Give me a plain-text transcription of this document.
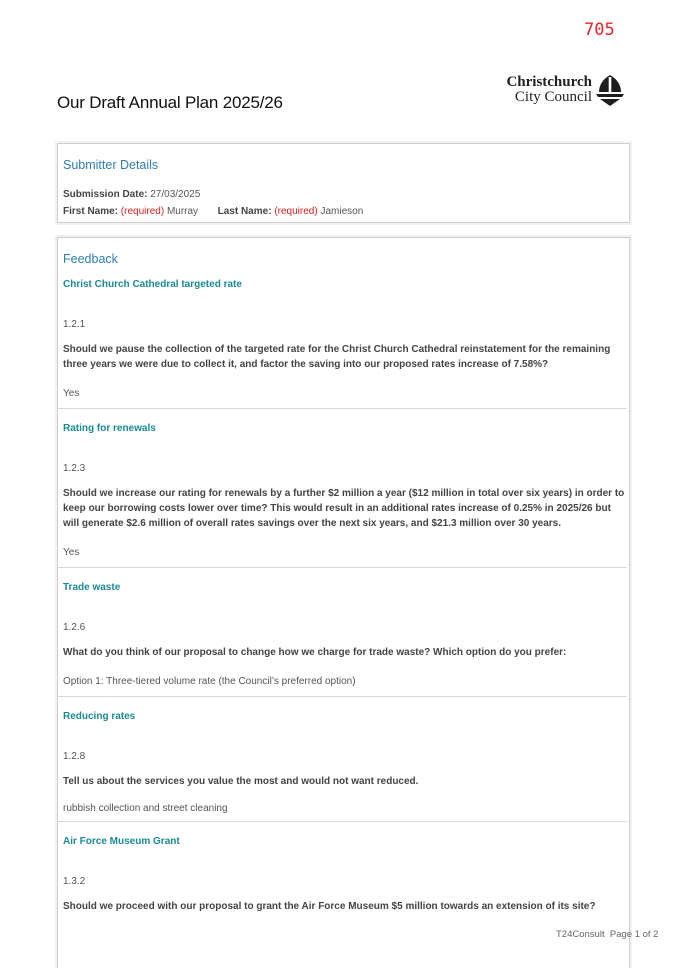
705
Christchurch
City Council
Our Draft Annual Plan 2025/26
Submitter Details
Submission Date: 27/03/2025
First Name: (required) Murray Last Name: (required) Jamieson
Feedback
Christ Church Cathedral targeted rate
1.2.1

Should we pause the collection of the targeted rate for the Christ Church Cathedral reinstatement for the remaining three years we were due to collect it, and factor the saving into our proposed rates increase of 7.58%?

Yes
Rating for renewals
1.2.3

Should we increase our rating for renewals by a further $2 million a year ($12 million in total over six years) in order to keep our borrowing costs lower over time? This would result in an additional rates increase of 0.25% in 2025/26 but will generate $2.6 million of overall rates savings over the next six years, and $21.3 million over 30 years.

Yes
Trade waste
1.2.6

What do you think of our proposal to change how we charge for trade waste? Which option do you prefer:

Option 1: Three-tiered volume rate (the Council’s preferred option)
Reducing rates
1.2.8

Tell us about the services you value the most and would not want reduced.

rubbish collection and street cleaning
Air Force Museum Grant
1.3.2

Should we proceed with our proposal to grant the Air Force Museum $5 million towards an extension of its site?

T24Consult Page 1 of 2
